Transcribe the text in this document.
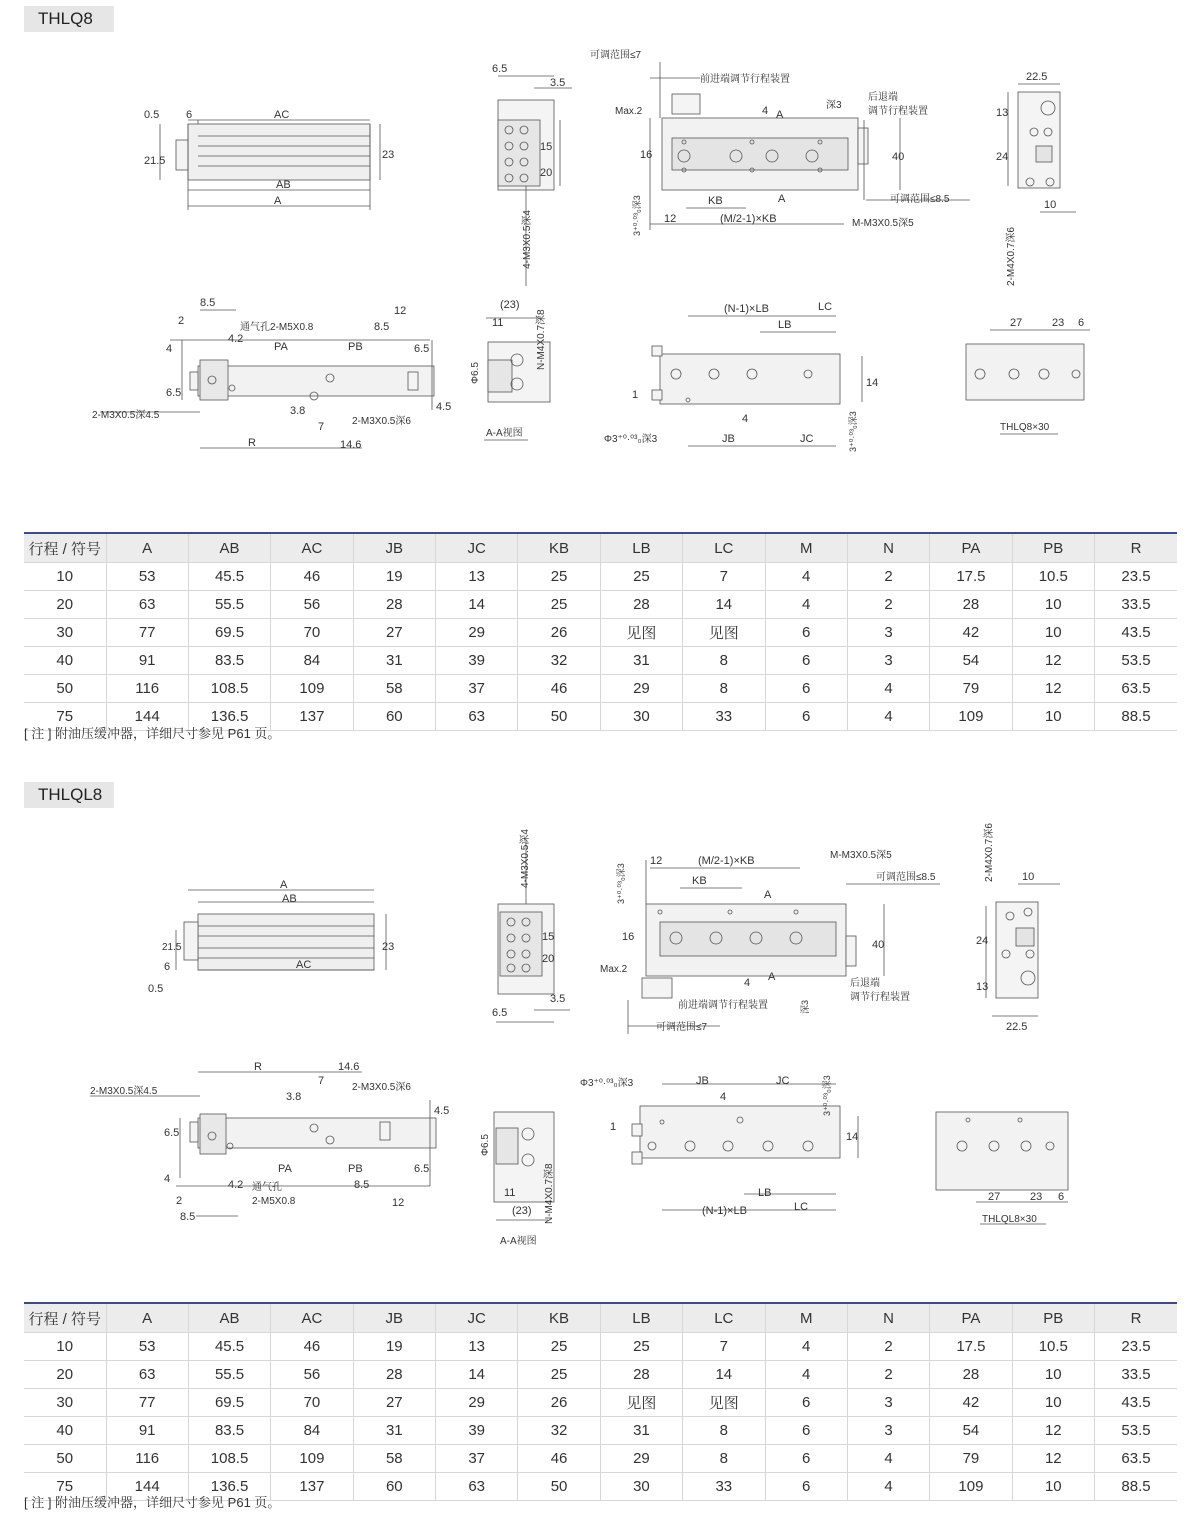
THLQ8
0.5 6	AC
21.5	23
AB
A
6.5
3.5
15
20
4-M3X0.5深4
可调范围≤7
前进端调节行程装置
Max.2	4 A
深3
后退端
调节行程装置
16	40
KB	A	可调范围≤8.5
12	(M/2-1)×KB	M-M3X0.5深5
3⁺⁰·⁰³₀深3
22.5
13
24
10
2-M4X0.7深6
8.5
2
通气孔2-M5X0.8
12
4.2
8.5
PA	PB
4
6.5
6.5
4.5
2-M3X0.5深4.5	3.8
2-M3X0.5深6
7
R	14.6
(23)
11	N-M4X0.7深8
Φ6.5
A-A视图
(N-1)×LB	LC
LB
1
14
4
Φ3⁺⁰·⁰³₀深3	JB	JC	3⁺⁰·⁰³₀深3
27	23 6
THLQ8×30
行程 / 符号	A	AB	AC	JB	JC	KB	LB	LC	M	N	PA	PB	R
10	53	45.5	46	19	13	25	25	7	4	2	17.5	10.5	23.5
20	63	55.5	56	28	14	25	28	14	4	2	28	10	33.5
30	77	69.5	70	27	29	26	见图	见图	6	3	42	10	43.5
40	91	83.5	84	31	39	32	31	8	6	3	54	12	53.5
50	116	108.5	109	58	37	46	29	8	6	4	79	12	63.5
75	144	136.5	137	60	63	50	30	33	6	4	109	10	88.5
[ 注 ] 附油压缓冲器，详细尺寸参见 P61 页。
THLQL8
0.5
6	AC
21.5	23
AB
A
6.5
3.5
15
20
4-M3X0.5深4
可调范围≤7
前进端调节行程装置
Max.2
4 A
深3
后退端
调节行程装置
16
40
KB
A
可调范围≤8.5
12	(M/2-1)×KB	M-M3X0.5深5
3⁺⁰·⁰³₀深3
22.5
13
24
10
2-M4X0.7深6
8.5
2
通气孔
2-M5X0.8	12
4.2	8.5
PA	PB
4
6.5
6.5
4.5
2-M3X0.5深4.5	3.8
2-M3X0.5深6
7
R	14.6
(23)
11	N-M4X0.7深8
Φ6.5
A-A视图
(N-1)×LB	LC
LB
1
14
4
Φ3⁺⁰·⁰³₀深3	JB	JC	3⁺⁰·⁰³₀深3
27	23 6
THLQL8×30
行程 / 符号	A	AB	AC	JB	JC	KB	LB	LC	M	N	PA	PB	R
10	53	45.5	46	19	13	25	25	7	4	2	17.5	10.5	23.5
20	63	55.5	56	28	14	25	28	14	4	2	28	10	33.5
30	77	69.5	70	27	29	26	见图	见图	6	3	42	10	43.5
40	91	83.5	84	31	39	32	31	8	6	3	54	12	53.5
50	116	108.5	109	58	37	46	29	8	6	4	79	12	63.5
75	144	136.5	137	60	63	50	30	33	6	4	109	10	88.5
[ 注 ] 附油压缓冲器，详细尺寸参见 P61 页。
